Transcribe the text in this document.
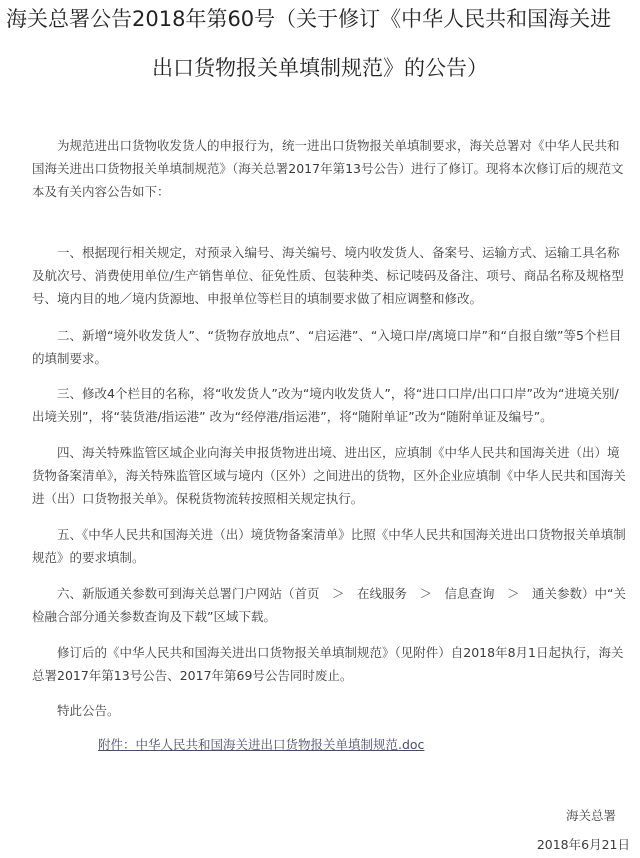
海关总署公告2018年第60号（关于修订《中华人民共和国海关进
出口货物报关单填制规范》的公告）

为规范进出口货物收发货人的申报行为，统一进出口货物报关单填制要求，海关总署对《中华人民共和国海关进出口货物报关单填制规范》（海关总署2017年第13号公告）进行了修订。现将本次修订后的规范文本及有关内容公告如下：

一、根据现行相关规定，对预录入编号、海关编号、境内收发货人、备案号、运输方式、运输工具名称及航次号、消费使用单位/生产销售单位、征免性质、包装种类、标记唛码及备注、项号、商品名称及规格型号、境内目的地／境内货源地、申报单位等栏目的填制要求做了相应调整和修改。

二、新增“境外收发货人”、“货物存放地点”、“启运港”、“入境口岸/离境口岸”和“自报自缴”等5个栏目的填制要求。

三、修改4个栏目的名称，将“收发货人”改为“境内收发货人”，将“进口口岸/出口口岸”改为“进境关别/出境关别”，将“装货港/指运港” 改为“经停港/指运港”，将“随附单证”改为“随附单证及编号”。

四、海关特殊监管区域企业向海关申报货物进出境、进出区，应填制《中华人民共和国海关进（出）境货物备案清单》，海关特殊监管区域与境内（区外）之间进出的货物，区外企业应填制《中华人民共和国海关进（出）口货物报关单》。保税货物流转按照相关规定执行。

五、《中华人民共和国海关进（出）境货物备案清单》比照《中华人民共和国海关进出口货物报关单填制规范》的要求填制。

六、新版通关参数可到海关总署门户网站（首页　＞　在线服务　＞　信息查询　＞　通关参数）中“关检融合部分通关参数查询及下载”区域下载。

修订后的《中华人民共和国海关进出口货物报关单填制规范》（见附件）自2018年8月1日起执行，海关总署2017年第13号公告、2017年第69号公告同时废止。

特此公告。

附件：中华人民共和国海关进出口货物报关单填制规范.doc
海关总署
2018年6月21日
